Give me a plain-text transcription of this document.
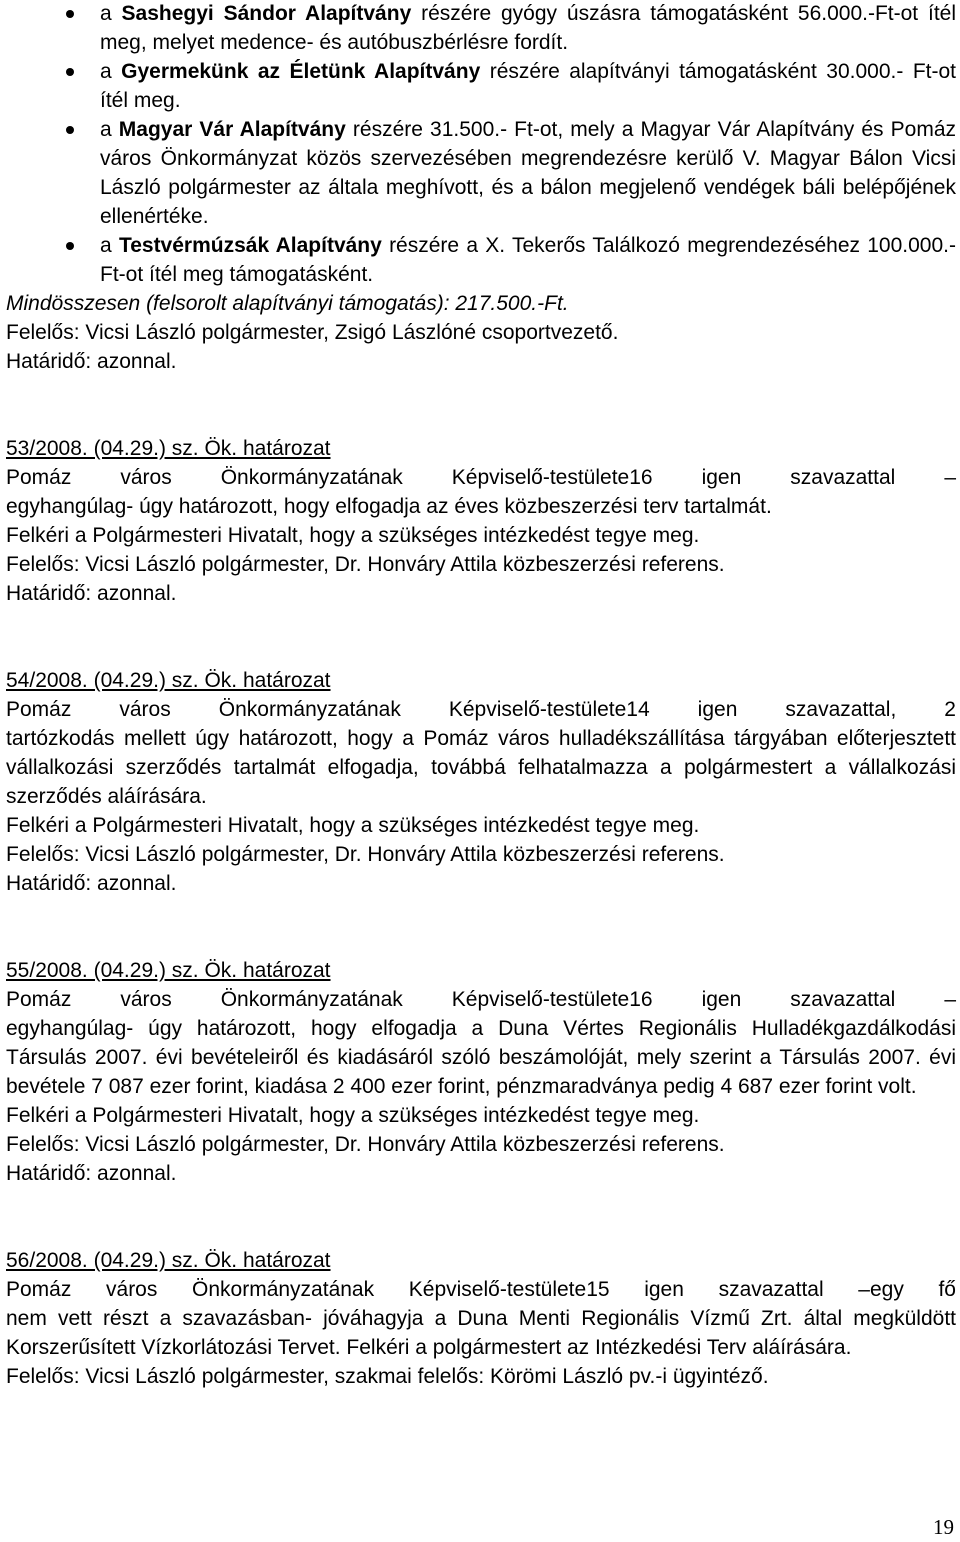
a Sashegyi Sándor Alapítvány részére gyógy úszásra támogatásként 56.000.-Ft-ot ítél meg, melyet medence- és autóbuszbérlésre fordít.
a Gyermekünk az Életünk Alapítvány részére alapítványi támogatásként 30.000.- Ft-ot ítél meg.
a Magyar Vár Alapítvány részére 31.500.- Ft-ot, mely a Magyar Vár Alapítvány és Pomáz város Önkormányzat közös szervezésében megrendezésre kerülő V. Magyar Bálon Vicsi László polgármester az általa meghívott, és a bálon megjelenő vendégek báli belépőjének ellenértéke.
a Testvérmúzsák Alapítvány részére a X. Tekerős Találkozó megrendezéséhez 100.000.-Ft-ot ítél meg támogatásként.

Mindösszesen (felsorolt alapítványi támogatás): 217.500.-Ft.

Felelős: Vicsi László polgármester, Zsigó Lászlóné csoportvezető.

Határidő: azonnal.

53/2008. (04.29.) sz. Ök. határozat

Pomáz város Önkormányzatának Képviselő-testülete16 igen szavazattal –

egyhangúlag- úgy határozott, hogy elfogadja az éves közbeszerzési terv tartalmát.

Felkéri a Polgármesteri Hivatalt, hogy a szükséges intézkedést tegye meg.

Felelős: Vicsi László polgármester, Dr. Honváry Attila közbeszerzési referens.

Határidő: azonnal.

54/2008. (04.29.) sz. Ök. határozat

Pomáz város Önkormányzatának Képviselő-testülete14 igen szavazattal, 2

tartózkodás mellett úgy határozott, hogy a Pomáz város hulladékszállítása tárgyában előterjesztett vállalkozási szerződés tartalmát elfogadja, továbbá felhatalmazza a polgármestert a vállalkozási szerződés aláírására.

Felkéri a Polgármesteri Hivatalt, hogy a szükséges intézkedést tegye meg.

Felelős: Vicsi László polgármester, Dr. Honváry Attila közbeszerzési referens.

Határidő: azonnal.

55/2008. (04.29.) sz. Ök. határozat

Pomáz város Önkormányzatának Képviselő-testülete16 igen szavazattal –

egyhangúlag- úgy határozott, hogy elfogadja a Duna Vértes Regionális Hulladékgazdálkodási Társulás 2007. évi bevételeiről és kiadásáról szóló beszámolóját, mely szerint a Társulás 2007. évi bevétele 7 087 ezer forint, kiadása 2 400 ezer forint, pénzmaradványa pedig 4 687 ezer forint volt.

Felkéri a Polgármesteri Hivatalt, hogy a szükséges intézkedést tegye meg.

Felelős: Vicsi László polgármester, Dr. Honváry Attila közbeszerzési referens.

Határidő: azonnal.

56/2008. (04.29.) sz. Ök. határozat

Pomáz város Önkormányzatának Képviselő-testülete15 igen szavazattal –egy fő

nem vett részt a szavazásban- jóváhagyja a Duna Menti Regionális Vízmű Zrt. által megküldött Korszerűsített Vízkorlátozási Tervet. Felkéri a polgármestert az Intézkedési Terv aláírására.

Felelős: Vicsi László polgármester, szakmai felelős: Körömi László pv.-i ügyintéző.

19
